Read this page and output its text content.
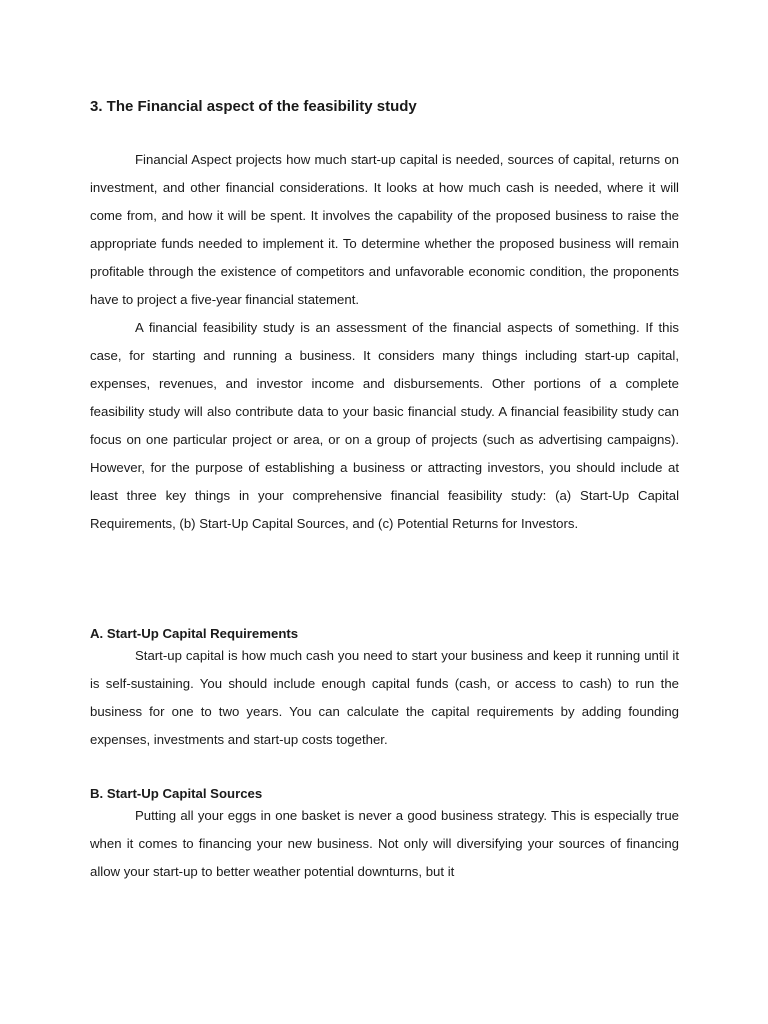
3. The Financial aspect of the feasibility study

Financial Aspect projects how much start-up capital is needed, sources of capital, returns on investment, and other financial considerations. It looks at how much cash is needed, where it will come from, and how it will be spent. It involves the capability of the proposed business to raise the appropriate funds needed to implement it. To determine whether the proposed business will remain profitable through the existence of competitors and unfavorable economic condition, the proponents have to project a five-year financial statement.

A financial feasibility study is an assessment of the financial aspects of something. If this case, for starting and running a business. It considers many things including start-up capital, expenses, revenues, and investor income and disbursements. Other portions of a complete feasibility study will also contribute data to your basic financial study. A financial feasibility study can focus on one particular project or area, or on a group of projects (such as advertising campaigns). However, for the purpose of establishing a business or attracting investors, you should include at least three key things in your comprehensive financial feasibility study: (a) Start-Up Capital Requirements, (b) Start-Up Capital Sources, and (c) Potential Returns for Investors.

A. Start-Up Capital Requirements

Start-up capital is how much cash you need to start your business and keep it running until it is self-sustaining. You should include enough capital funds (cash, or access to cash) to run the business for one to two years. You can calculate the capital requirements by adding founding expenses, investments and start-up costs together.

B. Start-Up Capital Sources

Putting all your eggs in one basket is never a good business strategy. This is especially true when it comes to financing your new business. Not only will diversifying your sources of financing allow your start-up to better weather potential downturns, but it
